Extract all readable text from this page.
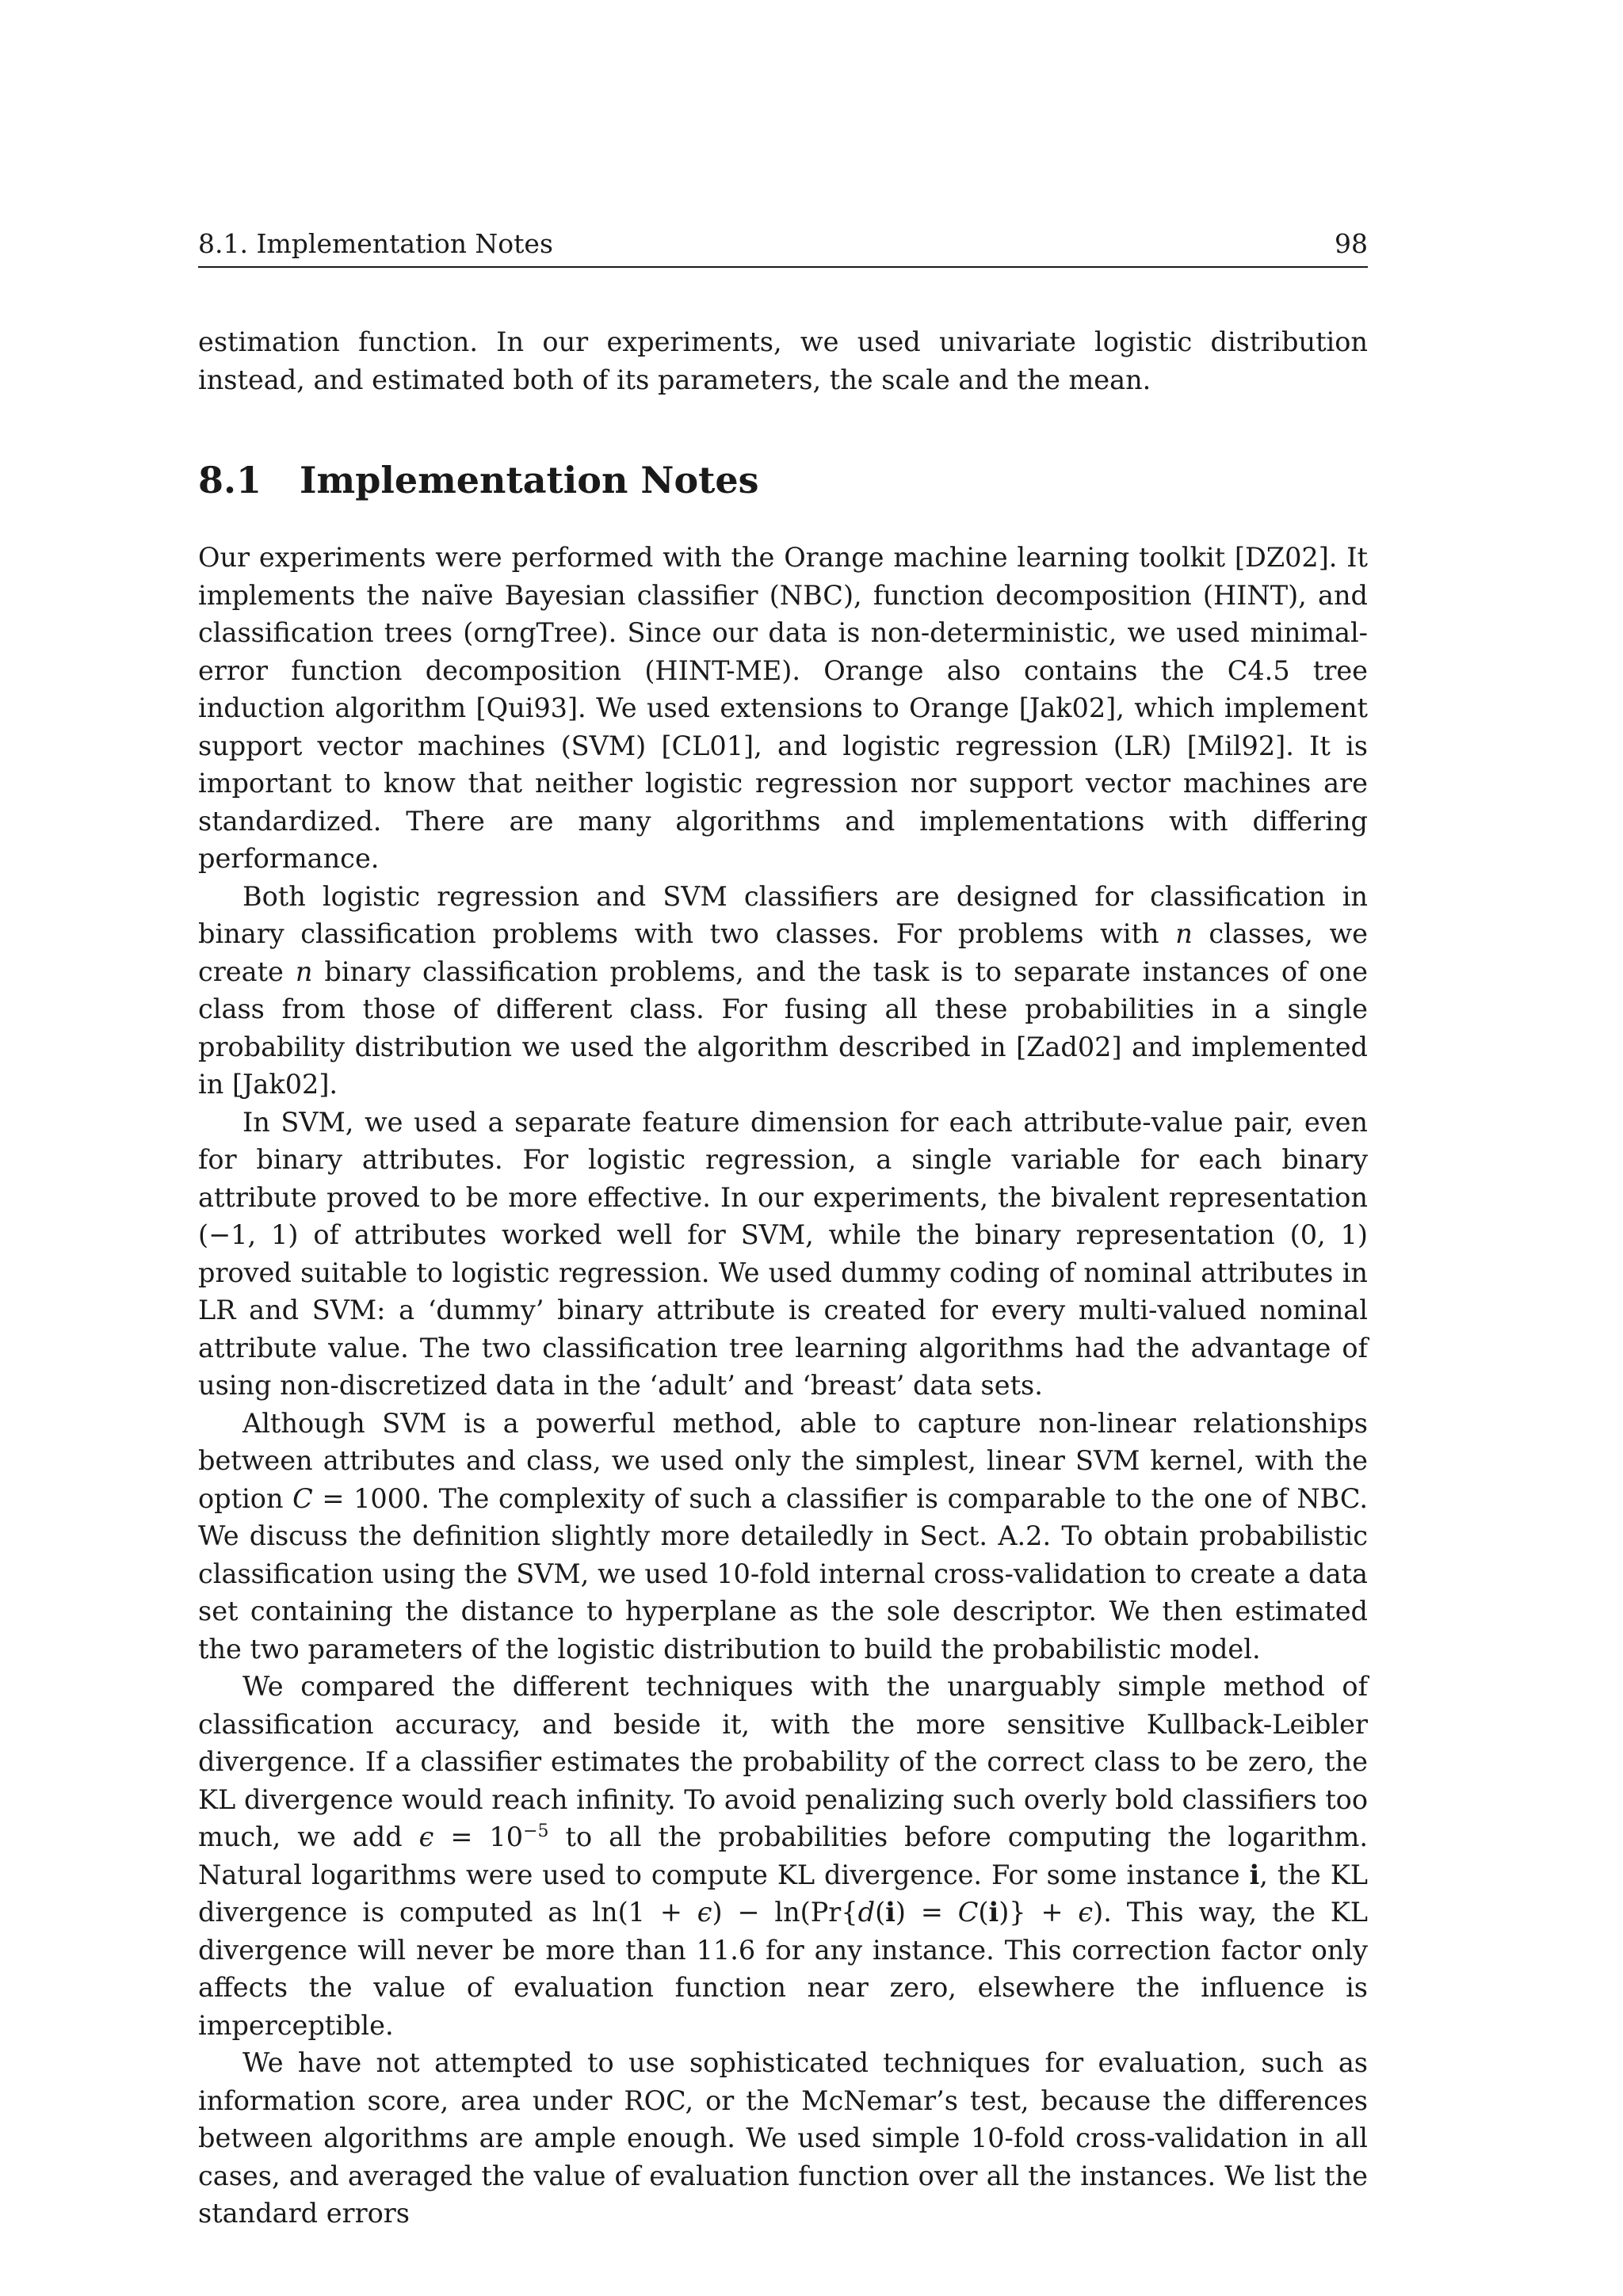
8.1. Implementation Notes	98

estimation function. In our experiments, we used univariate logistic distribution instead, and estimated both of its parameters, the scale and the mean.

8.1 Implementation Notes

Our experiments were performed with the Orange machine learning toolkit [DZ02]. It implements the naïve Bayesian classifier (NBC), function decomposition (HINT), and classification trees (orngTree). Since our data is non-deterministic, we used minimal-error function decomposition (HINT-ME). Orange also contains the C4.5 tree induction algorithm [Qui93]. We used extensions to Orange [Jak02], which implement support vector machines (SVM) [CL01], and logistic regression (LR) [Mil92]. It is important to know that neither logistic regression nor support vector machines are standardized. There are many algorithms and implementations with differing performance.

Both logistic regression and SVM classifiers are designed for classification in binary classification problems with two classes. For problems with n classes, we create n binary classification problems, and the task is to separate instances of one class from those of different class. For fusing all these probabilities in a single probability distribution we used the algorithm described in [Zad02] and implemented in [Jak02].

In SVM, we used a separate feature dimension for each attribute-value pair, even for binary attributes. For logistic regression, a single variable for each binary attribute proved to be more effective. In our experiments, the bivalent representation (−1, 1) of attributes worked well for SVM, while the binary representation (0, 1) proved suitable to logistic regression. We used dummy coding of nominal attributes in LR and SVM: a ‘dummy’ binary attribute is created for every multi-valued nominal attribute value. The two classification tree learning algorithms had the advantage of using non-discretized data in the ‘adult’ and ‘breast’ data sets.

Although SVM is a powerful method, able to capture non-linear relationships between attributes and class, we used only the simplest, linear SVM kernel, with the option C = 1000. The complexity of such a classifier is comparable to the one of NBC. We discuss the definition slightly more detailedly in Sect. A.2. To obtain probabilistic classification using the SVM, we used 10-fold internal cross-validation to create a data set containing the distance to hyperplane as the sole descriptor. We then estimated the two parameters of the logistic distribution to build the probabilistic model.

We compared the different techniques with the unarguably simple method of classification accuracy, and beside it, with the more sensitive Kullback-Leibler divergence. If a classifier estimates the probability of the correct class to be zero, the KL divergence would reach infinity. To avoid penalizing such overly bold classifiers too much, we add $\epsilon = 10^{-5}$ to all the probabilities before computing the logarithm. Natural logarithms were used to compute KL divergence. For some instance i, the KL divergence is computed as ln(1 + ϵ) − ln(Pr{d(i) = C(i)} + ϵ). This way, the KL divergence will never be more than 11.6 for any instance. This correction factor only affects the value of evaluation function near zero, elsewhere the influence is imperceptible.

We have not attempted to use sophisticated techniques for evaluation, such as information score, area under ROC, or the McNemar’s test, because the differences between algorithms are ample enough. We used simple 10-fold cross-validation in all cases, and averaged the value of evaluation function over all the instances. We list the standard errors
